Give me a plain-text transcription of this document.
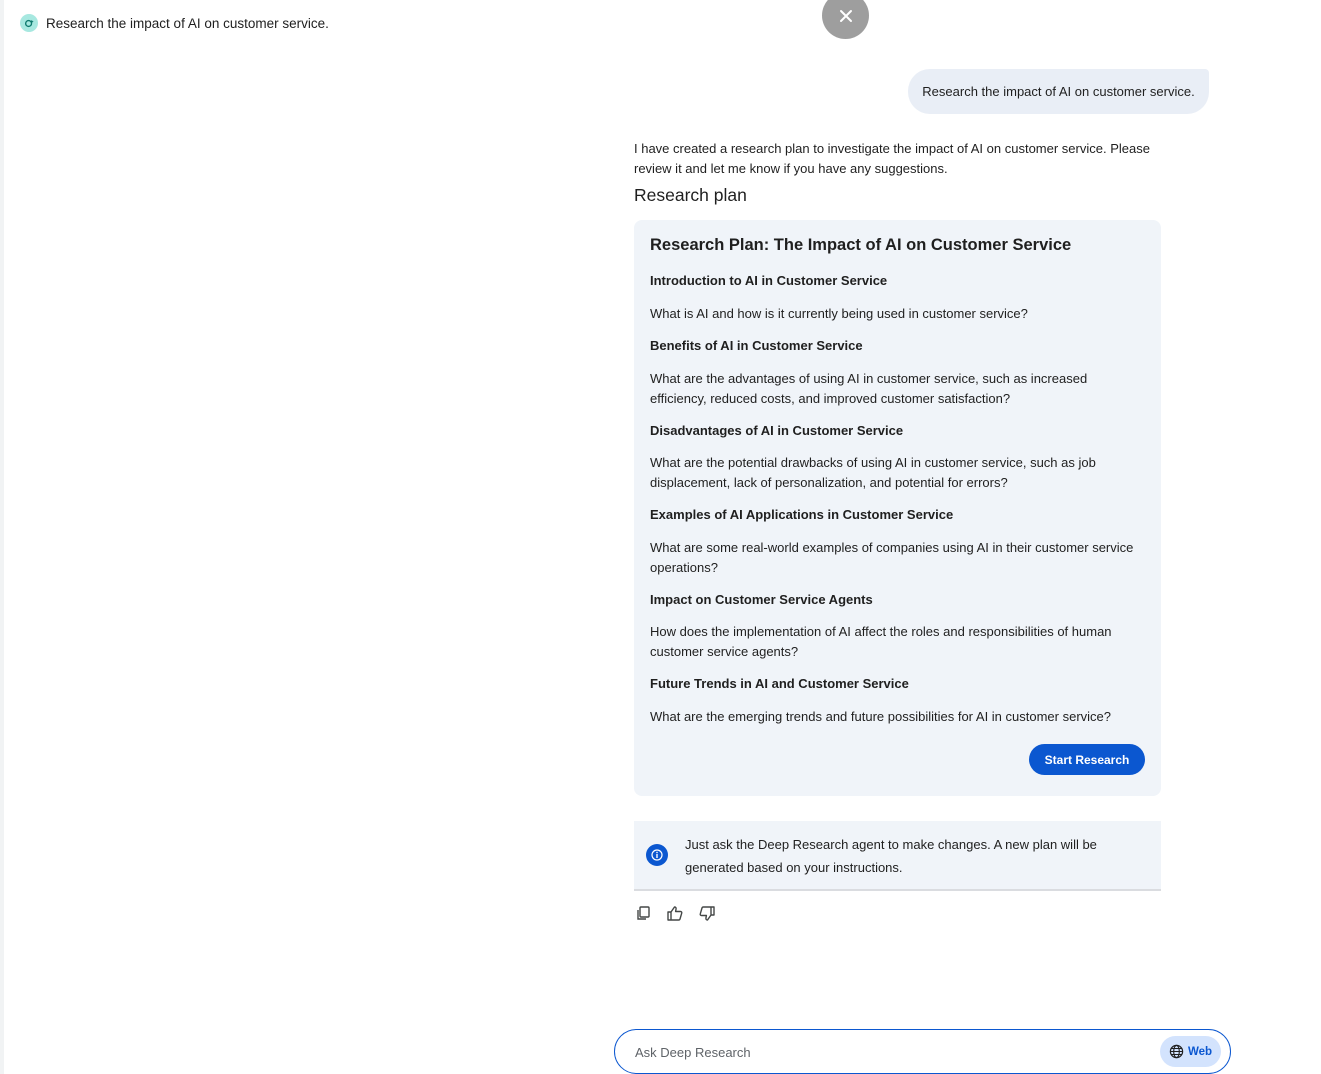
Research the impact of AI on customer service.
Research the impact of AI on customer service.
I have created a research plan to investigate the impact of AI on customer service. Please review it and let me know if you have any suggestions.
Research plan
Research Plan: The Impact of AI on Customer Service
Introduction to AI in Customer Service
What is AI and how is it currently being used in customer service?
Benefits of AI in Customer Service
What are the advantages of using AI in customer service, such as increased efficiency, reduced costs, and improved customer satisfaction?
Disadvantages of AI in Customer Service
What are the potential drawbacks of using AI in customer service, such as job displacement, lack of personalization, and potential for errors?
Examples of AI Applications in Customer Service
What are some real-world examples of companies using AI in their customer service operations?
Impact on Customer Service Agents
How does the implementation of AI affect the roles and responsibilities of human customer service agents?
Future Trends in AI and Customer Service
What are the emerging trends and future possibilities for AI in customer service?
Start Research
Just ask the Deep Research agent to make changes. A new plan will be generated based on your instructions.
Ask Deep Research
Web
